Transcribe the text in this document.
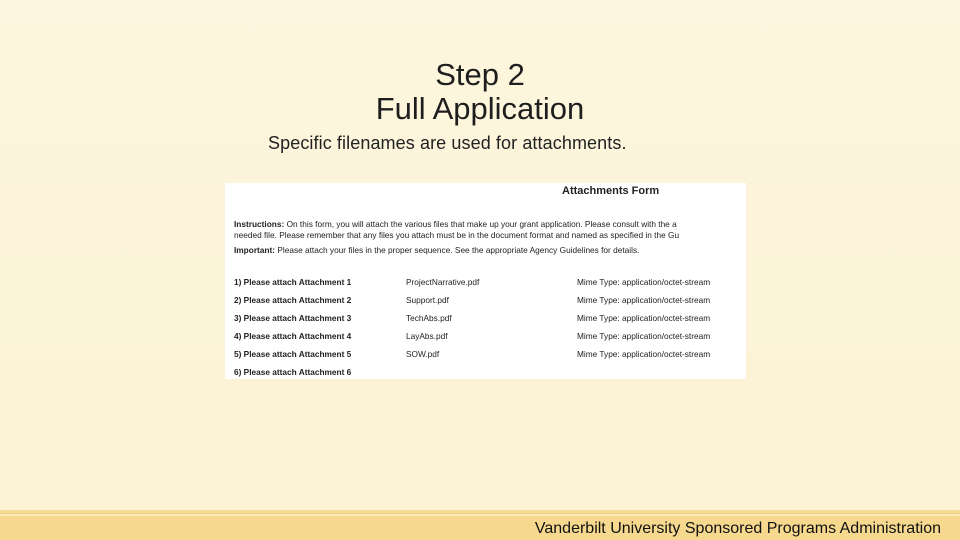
Step 2
Full Application
Specific filenames are used for attachments.
Attachments Form
Instructions: On this form, you will attach the various files that make up your grant application. Please consult with the a
needed file. Please remember that any files you attach must be in the document format and named as specified in the Gu
Important: Please attach your files in the proper sequence. See the appropriate Agency Guidelines for details.
1) Please attach Attachment 1	ProjectNarrative.pdf	Mime Type: application/octet-stream
2) Please attach Attachment 2	Support.pdf	Mime Type: application/octet-stream
3) Please attach Attachment 3	TechAbs.pdf	Mime Type: application/octet-stream
4) Please attach Attachment 4	LayAbs.pdf	Mime Type: application/octet-stream
5) Please attach Attachment 5	SOW.pdf	Mime Type: application/octet-stream
6) Please attach Attachment 6
Vanderbilt University Sponsored Programs Administration
